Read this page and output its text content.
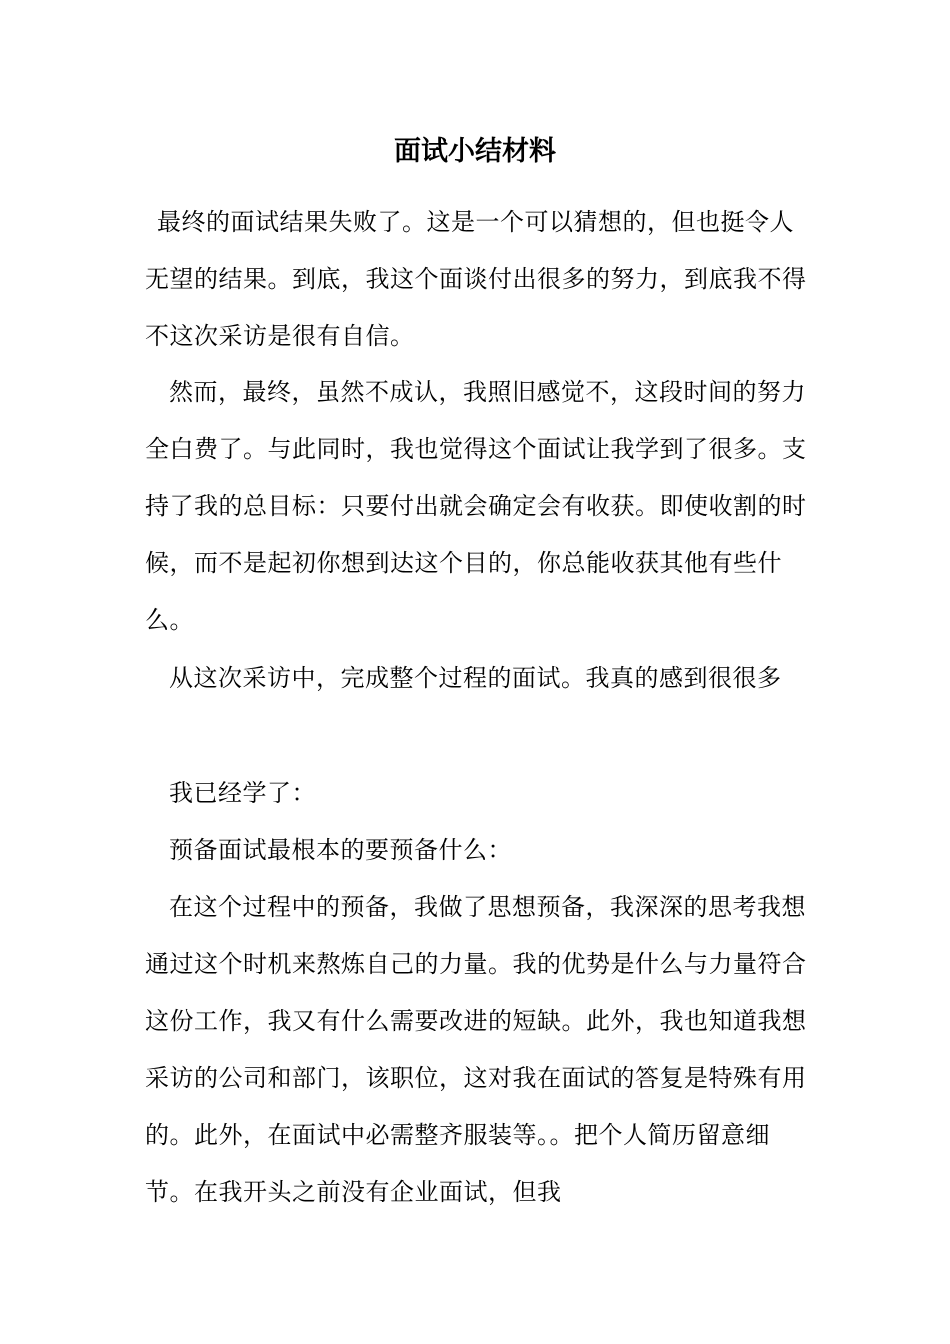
面试小结材料

最终的面试结果失败了。这是一个可以猜想的，但也挺令人无望的结果。到底，我这个面谈付出很多的努力，到底我不得不这次采访是很有自信。

然而，最终，虽然不成认，我照旧感觉不，这段时间的努力全白费了。与此同时，我也觉得这个面试让我学到了很多。支持了我的总目标：只要付出就会确定会有收获。即使收割的时候，而不是起初你想到达这个目的，你总能收获其他有些什么。

从这次采访中，完成整个过程的面试。我真的感到很很多

我已经学了：

预备面试最根本的要预备什么：

在这个过程中的预备，我做了思想预备，我深深的思考我想通过这个时机来熬炼自己的力量。我的优势是什么与力量符合这份工作，我又有什么需要改进的短缺。此外，我也知道我想采访的公司和部门，该职位，这对我在面试的答复是特殊有用的。此外，在面试中必需整齐服装等。。把个人简历留意细节。在我开头之前没有企业面试，但我
